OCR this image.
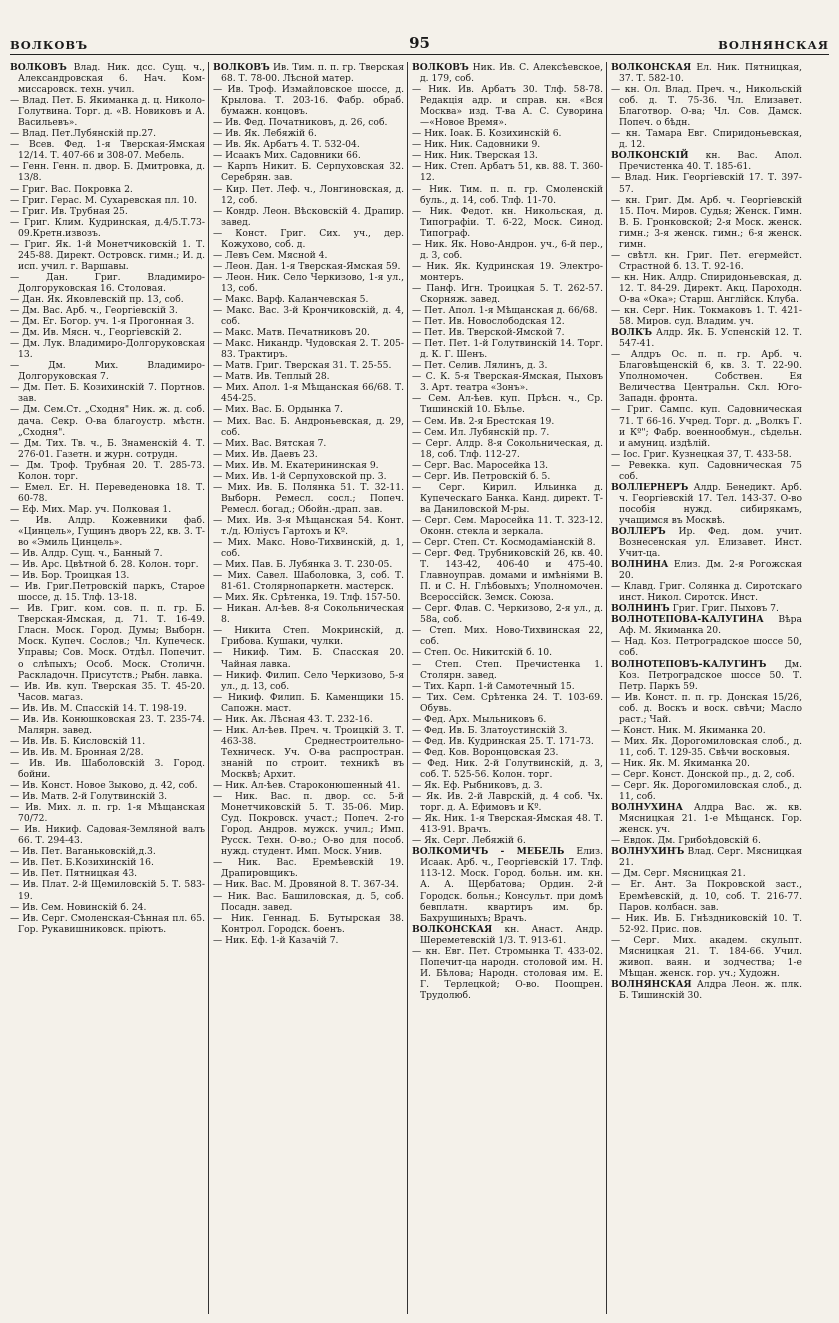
ВОЛКОВЪ	95	ВОЛНЯНСКАЯ

ВОЛКОВЪ Влад. Ник. дсс. Сущ. ч., Александровская 6. Нач. Ком-миссаровск. техн. учил.

— Влад. Пет. Б. Якиманка д. ц. Николо-Голутвина. Торг. д. «В. Новиковъ и А. Васильевъ».

— Влад. Пет.Лубянскій пр.27.

— Всев. Фед. 1-я Тверская-Ямская 12/14. Т. 407-66 и 308-07. Мебель.

— Генн. Генн. п. двор. Б. Дмитровка, д. 13/8.

— Григ. Вас. Покровка 2.

— Григ. Герас. М. Сухаревская пл. 10.

— Григ. Ив. Трубная 25.

— Григ. Клим. Кудринская, д.4/5.Т.73-09.Кретн.извозъ.

— Григ. Як. 1-й Монетчиковскій 1. Т. 245-88. Директ. Островск. гимн.; И. д. исп. учил. г. Варшавы.

— Дан. Григ. Владимиро-Долгоруковская 16. Столовая.

— Дан. Як. Яковлевскій пр. 13, соб.

— Дм. Вас. Арб. ч., Георгіевскій 3.

— Дм. Ег. Богор. уч. 1-я Прогонная 3.

— Дм. Ив. Мясн. ч., Георгіевскій 2.

— Дм. Лук. Владимиро-Долгоруковская 13.

— Дм. Мих. Владимиро-Долгоруковская 7.

— Дм. Пет. Б. Козихинскій 7. Портнов. зав.

— Дм. Сем.Ст. „Сходня" Ник. ж. д. соб. дача. Секр. О-ва благоустр. мѣстн. „Сходня".

— Дм. Тих. Тв. ч., Б. Знаменскій 4. Т. 276-01. Газетн. и журн. сотрудн.

— Дм. Троф. Трубная 20. Т. 285-73. Колон. торг.

— Емел. Ег. Н. Переведеновка 18. Т. 60-78.

— Еф. Мих. Мар. уч. Полковая 1.

— Ив. Алдр. Кожевники фаб. «Цинцель», Гущинъ дворъ 22, кв. 3. Т-во «Эмиль Цинцель».

— Ив. Алдр. Сущ. ч., Банный 7.

— Ив. Арс. Цвѣтной б. 28. Колон. торг.

— Ив. Бор. Троицкая 13.

— Ив. Григ.Петровскій паркъ, Старое шоссе, д. 15. Тлф. 13-18.

— Ив. Григ. ком. сов. п. п. гр. Б. Тверская-Ямская, д. 71. Т. 16-49. Гласн. Моск. Город. Думы; Выборн. Моск. Купеч. Сослов.; Чл. Купеческ. Управы; Сов. Моск. Отдѣл. Попечит. о слѣпыхъ; Особ. Моск. Столичн. Раскладочн. Присутств.; Рыбн. лавка.

— Ив. Ив. куп. Тверская 35. Т. 45-20. Часов. магаз.

— Ив. Ив. М. Спасскій 14. Т. 198-19.

— Ив. Ив. Конюшковская 23. Т. 235-74. Малярн. завед.

— Ив. Ив. Б. Кисловскій 11.

— Ив. Ив. М. Бронная 2/28.

— Ив. Ив. Шаболовскій 3. Город. бойни.

— Ив. Конст. Новое Зыково, д. 42, соб.

— Ив. Матв. 2-й Голутвинскій 3.

— Ив. Мих. л. п. гр. 1-я Мѣщанская 70/72.

— Ив. Никиф. Садовая-Земляной валъ 66. Т. 294-43.

— Ив. Пет. Ваганьковскій,д.3.

— Ив. Пет. Б.Козихинскій 16.

— Ив. Пет. Пятницкая 43.

— Ив. Плат. 2-й Щемиловскій 5. Т. 583-19.

— Ив. Сем. Новинскій б. 24.

— Ив. Серг. Смоленская-Сѣнная пл. 65. Гор. Рукавишниковск. пріютъ.

ВОЛКОВЪ Ив. Тим. п. п. гр. Тверская 68. Т. 78-00. Лѣсной матер.

— Ив. Троф. Измайловское шоссе, д. Крылова. Т. 203-16. Фабр. обраб. бумажн. концовъ.

— Ив. Фед. Початниковъ, д. 26, соб.

— Ив. Як. Лебяжій 6.

— Ив. Як. Арбатъ 4. Т. 532-04.

— Исаакъ Мих. Садовники 66.

— Карпъ Никит. Б. Серпуховская 32. Серебрян. зав.

— Кир. Пет. Леф. ч., Лонгиновская, д. 12, соб.

— Кондр. Леон. Вѣсковскій 4. Драпир. завед.

— Конст. Григ. Сих. уч., дер. Кожухово, соб. д.

— Левъ Сем. Мясной 4.

— Леон. Дан. 1-я Тверская-Ямская 59.

— Леон. Ник. Село Черкизово, 1-я ул., 13, соб.

— Макс. Варф. Каланчевская 5.

— Макс. Вас. 3-й Крончиковскій, д. 4, соб.

— Макс. Матв. Печатниковъ 20.

— Макс. Никандр. Чудовская 2. Т. 205-83. Трактиръ.

— Матв. Григ. Тверская 31. Т. 25-55.

— Матв. Ив. Теплый 28.

— Мих. Апол. 1-я Мѣщанская 66/68. Т. 454-25.

— Мих. Вас. Б. Ордынка 7.

— Мих. Вас. Б. Андроньевская, д. 29, соб.

— Мих. Вас. Вятская 7.

— Мих. Ив. Даевъ 23.

— Мих. Ив. М. Екатерининская 9.

— Мих. Ив. 1-й Серпуховской пр. 3.

— Мих. Ив. Б. Полянка 51. Т. 32-11. Выборн. Ремесл. сосл.; Попеч. Ремесл. богад.; Обойн.-драп. зав.

— Мих. Ив. 3-я Мѣщанская 54. Конт. т./д. Юліусъ Гартохъ и Кº.

— Мих. Макс. Ново-Тихвинскій, д. 1, соб.

— Мих. Пав. Б. Лубянка 3. Т. 230-05.

— Мих. Савел. Шаболовка, 3, соб. Т. 81-61. Столярнопаркетн. мастерск.

— Мих. Як. Срѣтенка, 19. Тлф. 157-50.

— Никан. Ал-ѣев. 8-я Сокольническая 8.

— Никита Степ. Мокринскій, д. Грибова. Кушаки, чулки.

— Никиф. Тим. Б. Спасская 20. Чайная лавка.

— Никиф. Филип. Село Черкизово, 5-я ул., д. 13, соб.

— Никиф. Филип. Б. Каменщики 15. Сапожн. маст.

— Ник. Ак. Лѣсная 43. Т. 232-16.

— Ник. Ал-ѣев. Преч. ч. Троицкій 3. Т. 463-38. Среднестроительно-Техническ. Уч. О-ва распростран. знаній по строит. техникѣ въ Москвѣ; Архит.

— Ник. Ал-ѣев. Староконюшенный 41.

— Ник. Вас. п. двор. сс. 5-й Монетчиковскій 5. Т. 35-06. Мир. Суд. Покровск. участ.; Попеч. 2-го Город. Андров. мужск. учил.; Имп. Русск. Техн. О-во.; О-во для пособ. нужд. студент. Имп. Моск. Унив.

— Ник. Вас. Еремѣевскій 19. Драпировщикъ.

— Ник. Вас. М. Дровяной 8. Т. 367-34.

— Ник. Вас. Башиловская, д. 5, соб. Посадн. завед.

— Ник. Геннад. Б. Бутырская 38. Контрол. Городск. боенъ.

— Ник. Еф. 1-й Казачій 7.

ВОЛКОВЪ Ник. Ив. С. Алексѣевское, д. 179, соб.

— Ник. Ив. Арбатъ 30. Тлф. 58-78. Редакція адр. и справ. кн. «Вся Москва» изд. Т-ва А. С. Суворина—«Новое Время».

— Ник. Іоак. Б. Козихинскій 6.

— Ник. Ник. Садовники 9.

— Ник. Ник. Тверская 13.

— Ник. Степ. Арбатъ 51, кв. 88. Т. 360-12.

— Ник. Тим. п. п. гр. Смоленскій буль., д. 14, соб. Тлф. 11-70.

— Ник. Федот. кн. Никольская, д. Типографіи. Т. 6-22, Моск. Синод. Типограф.

— Ник. Як. Ново-Андрон. уч., 6-й пер., д. 3, соб.

— Ник. Як. Кудринская 19. Электро-монтеръ.

— Панф. Игн. Троицкая 5. Т. 262-57. Скорняж. завед.

— Пет. Апол. 1-я Мѣщанская д. 66/68.

— Пет. Ив. Новослободская 12.

— Пет. Ив. Тверской-Ямской 7.

— Пет. Пет. 1-й Голутвинскій 14. Торг. д. К. Г. Шенъ.

— Пет. Селив. Лялинъ, д. 3.

— С. К. 5-я Тверская-Ямская, Пыховъ 3. Арт. театра «Зонъ».

— Сем. Ал-ѣев. куп. Прѣсн. ч., Ср. Тишинскій 10. Бѣлье.

— Сем. Ив. 2-я Брестская 19.

— Сем. Ил. Лубянскій пр. 7.

— Серг. Алдр. 8-я Сокольническая, д. 18, соб. Тлф. 112-27.

— Серг. Вас. Маросейка 13.

— Серг. Ив. Петровскій б. 5.

— Серг. Кирил. Ильинка д. Купеческаго Банка. Канд. директ. Т-ва Даниловской М-ры.

— Серг. Сем. Маросейка 11. Т. 323-12. Оконн. стекла и зеркала.

— Серг. Степ. Ст. Космодаміанскій 8.

— Серг. Фед. Трубниковскій 26, кв. 40. Т. 143-42, 406-40 и 475-40. Главноуправ. домами и имѣніями В. П. и С. Н. Глѣбовыхъ; Уполномочен. Всероссійск. Земск. Союза.

— Серг. Флав. С. Черкизово, 2-я ул., д. 58а, соб.

— Степ. Мих. Ново-Тихвинская 22, соб.

— Степ. Ос. Никитскій б. 10.

— Степ. Степ. Пречистенка 1. Столярн. завед.

— Тих. Карп. 1-й Самотечный 15.

— Тих. Сем. Срѣтенка 24. Т. 103-69. Обувь.

— Фед. Арх. Мыльниковъ 6.

— Фед. Ив. Б. Златоустинскій 3.

— Фед. Ив. Кудринская 25. Т. 171-73.

— Фед. Ков. Воронцовская 23.

— Фед. Ник. 2-й Голутвинскій, д. 3, соб. Т. 525-56. Колон. торг.

— Як. Еф. Рыбниковъ, д. 3.

— Як. Ив. 2-й Лаврскій, д. 4 соб. Чх. торг. д. А. Ефимовъ и Кº.

— Як. Ник. 1-я Тверская-Ямская 48. Т. 413-91. Врачъ.

— Як. Серг. Лебяжій 6.

ВОЛКОМИЧЪ - МЕБЕЛЬ Елиз. Исаак. Арб. ч., Георгіевскій 17. Тлф. 113-12. Моск. Город. больн. им. кн. А. А. Щербатова; Ордин. 2-й Городск. больн.; Консульт. при домѣ бевплатн. квартиръ им. бр. Бахрушиныхъ; Врачъ.

ВОЛКОНСКАЯ кн. Анаст. Андр. Шереметевскій 1/3. Т. 913-61.

— кн. Евг. Пет. Стромынка Т. 433-02. Попечит-ца народн. столовой им. Н. И. Бѣлова; Народн. столовая им. Е. Г. Терлецкой; О-во. Поощрен. Трудолюб.

ВОЛКОНСКАЯ Ел. Ник. Пятницкая, 37. Т. 582-10.

— кн. Ол. Влад. Преч. ч., Никольскій соб. д. Т. 75-36. Чл. Елизавет. Благотвор. О-ва; Чл. Сов. Дамск. Попеч. о бѣдн.

— кн. Тамара Евг. Спиридоньевская, д. 12.

ВОЛКОНСКІЙ кн. Вас. Апол. Пречистенка 40. Т. 185-61.

— Влад. Ник. Георгіевскій 17. Т. 397-57.

— кн. Григ. Дм. Арб. ч. Георгіевскій 15. Поч. Миров. Судья; Женск. Гимн. В. Б. Гронковской; 2-я Моск. женск. гимн.; 3-я женск. гимн.; 6-я женск. гимн.

— свѣтл. кн. Григ. Пет. егермейст. Страстной б. 13. Т. 92-16.

— кн. Ник. Алдр. Спиридоньевская, д. 12. Т. 84-29. Директ. Акц. Пароходн. О-ва «Ока»; Старш. Англійск. Клуба.

— кн. Серг. Ник. Токмаковъ 1. Т. 421-58. Миров. суд. Владим. уч.

ВОЛКЪ Алдр. Як. Б. Успенскій 12. Т. 547-41.

— Алдръ Ос. п. п. гр. Арб. ч. Благовѣщенскій 6, кв. 3. Т. 22-90. Уполномочен. Собствен. Ея Величества Центральн. Скл. Юго-Западн. фронта.

— Григ. Сампс. куп. Садовническая 71. Т 66-16. Учред. Торг. д. „Волкъ Г. и Кº"; Фабр. военнообмун., сѣдельн. и амуниц. издѣлій.

— Іос. Григ. Кузнецкая 37, Т. 433-58.

— Ревекка. куп. Садовническая 75 соб.

ВОЛЛЕРНЕРЪ Алдр. Бенедикт. Арб. ч. Георгіевскій 17. Тел. 143-37. О-во пособія нужд. сибирякамъ, учащимся въ Москвѣ.

ВОЛЛЕРЪ Ир. Фед. дом. учит. Вознесенская ул. Елизавет. Инст. Учит-ца.

ВОЛНИНА Елиз. Дм. 2-я Рогожская 20.

— Клавд. Григ. Солянка д. Сиротскаго инст. Никол. Сиротск. Инст.

ВОЛНИНЪ Григ. Григ. Пыховъ 7.

ВОЛНОТЕПОВА-КАЛУГИНА Вѣра Аф. М. Якиманка 20.

— Над. Коз. Петроградское шоссе 50, соб.

ВОЛНОТЕПОВЪ-КАЛУГИНЪ Дм. Коз. Петроградское шоссе 50. Т. Петр. Паркъ 59.

— Ив. Конст. п. п. гр. Донская 15/26, соб. д. Воскъ и воск. свѣчи; Масло раст.; Чай.

— Конст. Ник. М. Якиманка 20.

— Мих. Як. Дорогомиловская слоб., д. 11, соб. Т. 129-35. Свѣчи восковыя.

— Ник. Як. М. Якиманка 20.

— Серг. Конст. Донской пр., д. 2, соб.

— Серг. Як. Дорогомиловская слоб., д. 11, соб.

ВОЛНУХИНА Алдра Вас. ж. кв. Мясницкая 21. 1-е Мѣщанск. Гор. женск. уч.

— Евдок. Дм. Грибоѣдовскій 6.

ВОЛНУХИНЪ Влад. Серг. Мясницкая 21.

— Дм. Серг. Мясницкая 21.

— Ег. Ант. За Покровской заст., Еремѣевскій, д. 10, соб. Т. 216-77. Паров. колбасн. зав.

— Ник. Ив. Б. Гнѣздниковскій 10. Т. 52-92. Прис. пов.

— Серг. Мих. академ. скульпт. Мясницкая 21. Т. 184-66. Учил. живоп. ваян. и зодчества; 1-е Мѣщан. женск. гор. уч.; Художн.

ВОЛНЯНСКАЯ Алдра Леон. ж. плк. Б. Тишинскій 30.
